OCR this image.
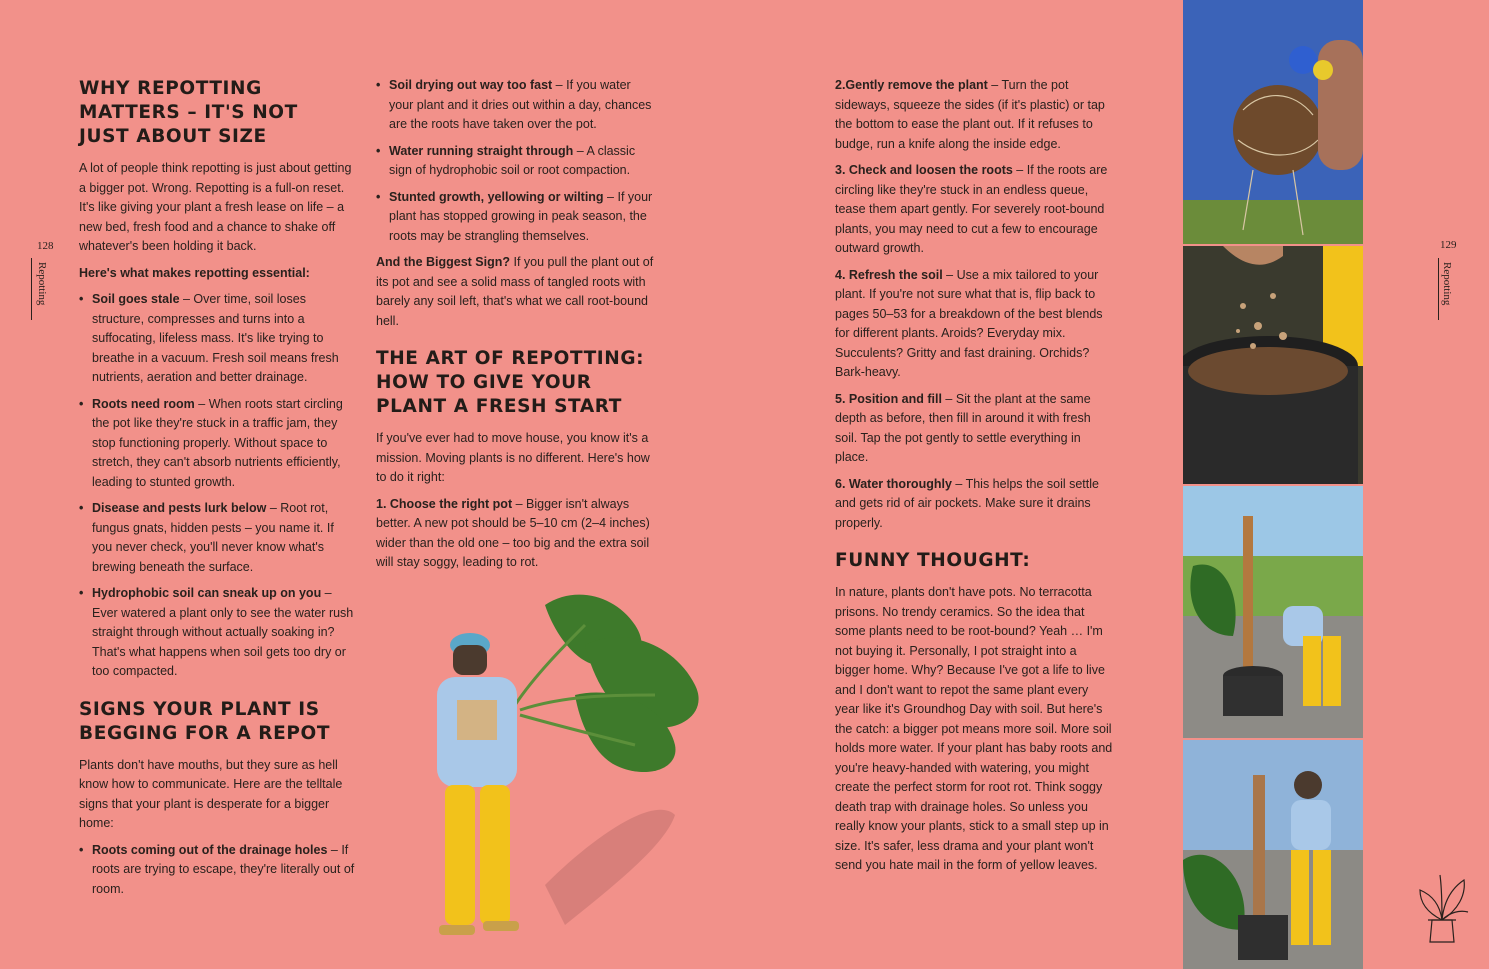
128
Repotting
WHY REPOTTING MATTERS – IT'S NOT JUST ABOUT SIZE

A lot of people think repotting is just about getting a bigger pot. Wrong. Repotting is a full-on reset. It's like giving your plant a fresh lease on life – a new bed, fresh food and a chance to shake off whatever's been holding it back.

Here's what makes repotting essential:

• Soil goes stale – Over time, soil loses structure, compresses and turns into a suffocating, lifeless mass. It's like trying to breathe in a vacuum. Fresh soil means fresh nutrients, aeration and better drainage.
• Roots need room – When roots start circling the pot like they're stuck in a traffic jam, they stop functioning properly. Without space to stretch, they can't absorb nutrients efficiently, leading to stunted growth.
• Disease and pests lurk below – Root rot, fungus gnats, hidden pests – you name it. If you never check, you'll never know what's brewing beneath the surface.
• Hydrophobic soil can sneak up on you – Ever watered a plant only to see the water rush straight through without actually soaking in? That's what happens when soil gets too dry or too compacted.
SIGNS YOUR PLANT IS BEGGING FOR A REPOT

Plants don't have mouths, but they sure as hell know how to communicate. Here are the telltale signs that your plant is desperate for a bigger home:

• Roots coming out of the drainage holes – If roots are trying to escape, they're literally out of room.
• Soil drying out way too fast – If you water your plant and it dries out within a day, chances are the roots have taken over the pot.
• Water running straight through – A classic sign of hydrophobic soil or root compaction.
• Stunted growth, yellowing or wilting – If your plant has stopped growing in peak season, the roots may be strangling themselves.

And the Biggest Sign? If you pull the plant out of its pot and see a solid mass of tangled roots with barely any soil left, that's what we call root-bound hell.

THE ART OF REPOTTING: HOW TO GIVE YOUR PLANT A FRESH START

If you've ever had to move house, you know it's a mission. Moving plants is no different. Here's how to do it right:

1. Choose the right pot – Bigger isn't always better. A new pot should be 5–10 cm (2–4 inches) wider than the old one – too big and the extra soil will stay soggy, leading to rot.

129
Repotting

2.Gently remove the plant – Turn the pot sideways, squeeze the sides (if it's plastic) or tap the bottom to ease the plant out. If it refuses to budge, run a knife along the inside edge.

3. Check and loosen the roots – If the roots are circling like they're stuck in an endless queue, tease them apart gently. For severely root-bound plants, you may need to cut a few to encourage outward growth.

4. Refresh the soil – Use a mix tailored to your plant. If you're not sure what that is, flip back to pages 50–53 for a breakdown of the best blends for different plants. Aroids? Everyday mix. Succulents? Gritty and fast draining. Orchids? Bark-heavy.

5. Position and fill – Sit the plant at the same depth as before, then fill in around it with fresh soil. Tap the pot gently to settle everything in place.

6. Water thoroughly – This helps the soil settle and gets rid of air pockets. Make sure it drains properly.

FUNNY THOUGHT:

In nature, plants don't have pots. No terracotta prisons. No trendy ceramics. So the idea that some plants need to be root-bound? Yeah … I'm not buying it. Personally, I pot straight into a bigger home. Why? Because I've got a life to live and I don't want to repot the same plant every year like it's Groundhog Day with soil. But here's the catch: a bigger pot means more soil. More soil holds more water. If your plant has baby roots and you're heavy-handed with watering, you might create the perfect storm for root rot. Think soggy death trap with drainage holes. So unless you really know your plants, stick to a small step up in size. It's safer, less drama and your plant won't send you hate mail in the form of yellow leaves.
